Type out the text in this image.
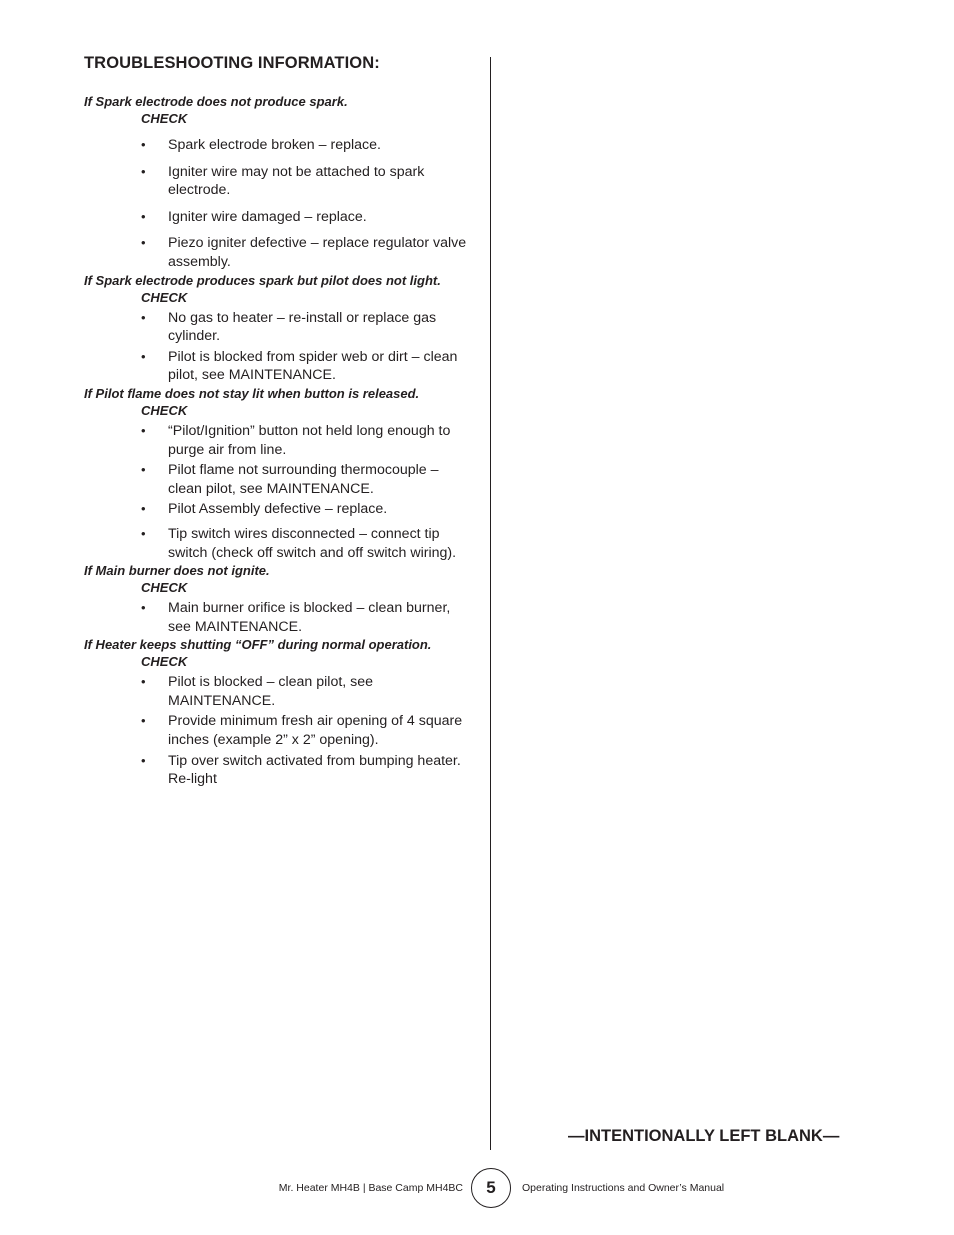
TROUBLESHOOTING INFORMATION:
If Spark electrode does not produce spark.
CHECK
• Spark electrode broken – replace.
• Igniter wire may not be attached to spark electrode.
• Igniter wire damaged – replace.
• Piezo igniter defective – replace regulator valve assembly.
If Spark electrode produces spark but pilot does not light.
CHECK
• No gas to heater – re-install or replace gas cylinder.
• Pilot is blocked from spider web or dirt – clean pilot, see MAINTENANCE.
If Pilot flame does not stay lit when button is released.
CHECK
• “Pilot/Ignition” button not held long enough to purge air from line.
• Pilot flame not surrounding thermocouple – clean pilot, see MAINTENANCE.
• Pilot Assembly defective – replace.
• Tip switch wires disconnected – connect tip switch (check off switch and off switch wiring).
If Main burner does not ignite.
CHECK
• Main burner orifice is blocked – clean burner, see MAINTENANCE.
If Heater keeps shutting “OFF” during normal operation.
CHECK
• Pilot is blocked – clean pilot, see MAINTENANCE.
• Provide minimum fresh air opening of 4 square inches (example 2” x 2” opening).
• Tip over switch activated from bumping heater. Re-light
—INTENTIONALLY LEFT BLANK—
Mr. Heater MH4B | Base Camp MH4BC	5	Operating Instructions and Owner’s Manual
